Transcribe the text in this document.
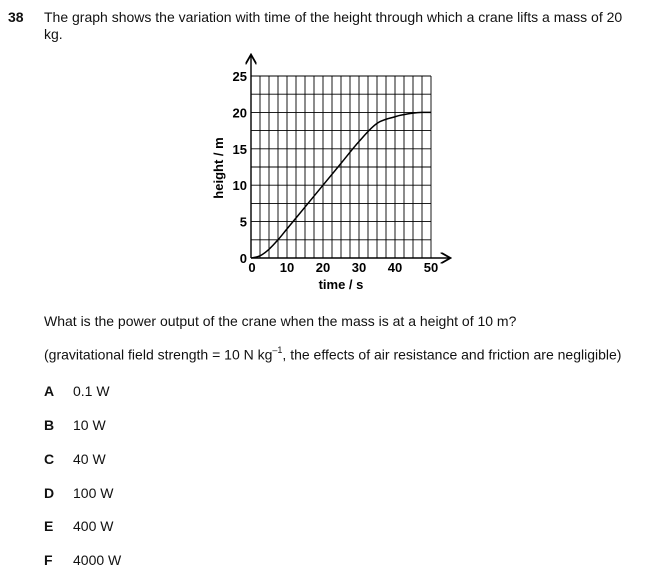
38 The graph shows the variation with time of the height through which a crane lifts a mass of 20 kg.
0 10 20 30 40 50
0
5
10
15
20
25
time / s
height / m
What is the power output of the crane when the mass is at a height of 10 m?
(gravitational field strength = 10 N $kg^{-1}$, the effects of air resistance and friction are negligible)
A 0.1 W
B 10 W
C 40 W
D 100 W
E 400 W
F 4000 W
